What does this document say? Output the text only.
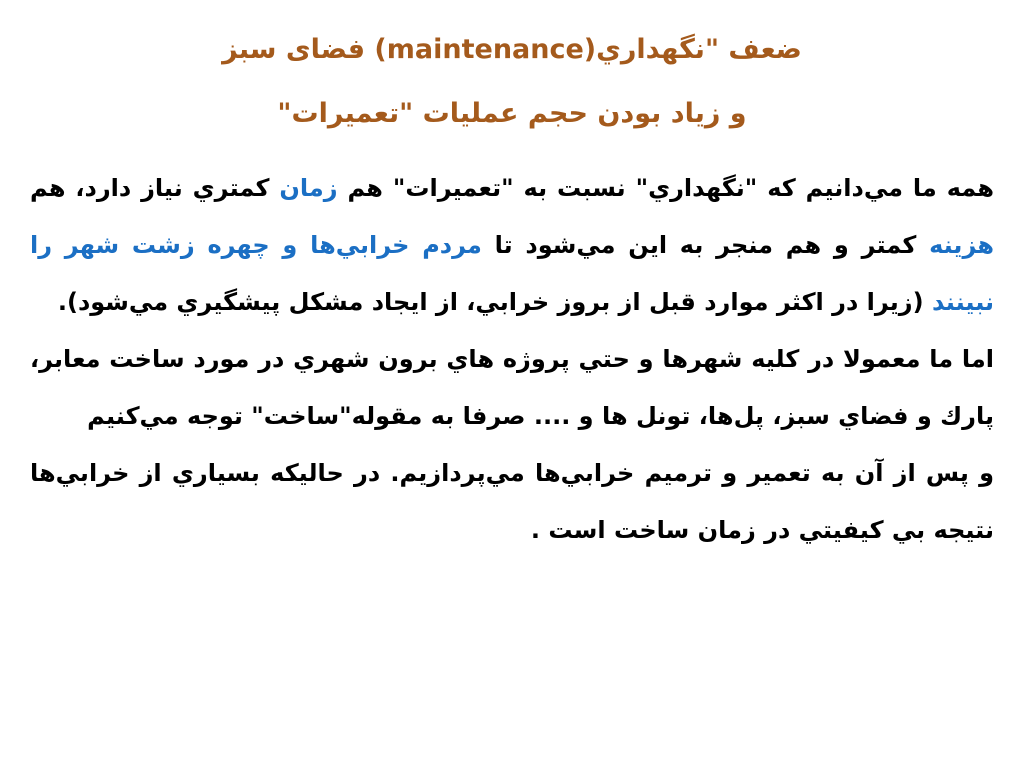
ضعف "نگهداري(maintenance) فضای سبز
و زیاد بودن حجم عملیات "تعمیرات"

همه ما مي‌دانيم كه "نگهداري" نسبت به "تعميرات" هم زمان كمتري نياز دارد، هم هزينه كمتر و هم منجر به اين مي‌شود تا مردم خرابي‌ها و چهره زشت شهر را نبينند (زيرا در اكثر موارد قبل از بروز خرابي، از ايجاد مشكل پيشگيري مي‌شود).

اما ما معمولا در كليه شهرها و حتي پروژه هاي برون شهري در مورد ساخت معابر، پارك و فضاي سبز، پل‌ها، تونل ها و .... صرفا به مقوله"ساخت" توجه مي‌كنيم

و پس از آن به تعمير و ترميم خرابي‌ها مي‌پردازيم. در حاليكه بسياري از خرابي‌ها نتيجه بي كيفيتي در زمان ساخت است .
